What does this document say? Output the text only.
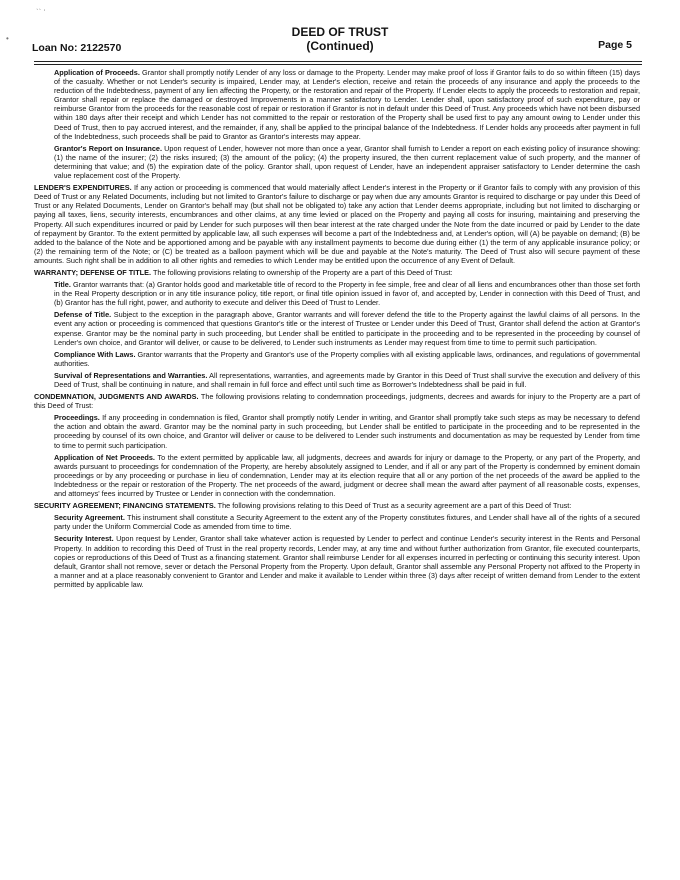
`` ‘
•
Loan No: 2122570
DEED OF TRUST
(Continued)	Page 5

Application of Proceeds. Grantor shall promptly notify Lender of any loss or damage to the Property. Lender may make proof of loss if Grantor fails to do so within fifteen (15) days of the casualty. Whether or not Lender's security is impaired, Lender may, at Lender's election, receive and retain the proceeds of any insurance and apply the proceeds to the reduction of the Indebtedness, payment of any lien affecting the Property, or the restoration and repair of the Property. If Lender elects to apply the proceeds to restoration and repair, Grantor shall repair or replace the damaged or destroyed Improvements in a manner satisfactory to Lender. Lender shall, upon satisfactory proof of such expenditure, pay or reimburse Grantor from the proceeds for the reasonable cost of repair or restoration if Grantor is not in default under this Deed of Trust. Any proceeds which have not been disbursed within 180 days after their receipt and which Lender has not committed to the repair or restoration of the Property shall be used first to pay any amount owing to Lender under this Deed of Trust, then to pay accrued interest, and the remainder, if any, shall be applied to the principal balance of the Indebtedness. If Lender holds any proceeds after payment in full of the Indebtedness, such proceeds shall be paid to Grantor as Grantor's interests may appear.

Grantor's Report on Insurance. Upon request of Lender, however not more than once a year, Grantor shall furnish to Lender a report on each existing policy of insurance showing: (1) the name of the insurer; (2) the risks insured; (3) the amount of the policy; (4) the property insured, the then current replacement value of such property, and the manner of determining that value; and (5) the expiration date of the policy. Grantor shall, upon request of Lender, have an independent appraiser satisfactory to Lender determine the cash value replacement cost of the Property.

LENDER'S EXPENDITURES. If any action or proceeding is commenced that would materially affect Lender's interest in the Property or if Grantor fails to comply with any provision of this Deed of Trust or any Related Documents, including but not limited to Grantor's failure to discharge or pay when due any amounts Grantor is required to discharge or pay under this Deed of Trust or any Related Documents, Lender on Grantor's behalf may (but shall not be obligated to) take any action that Lender deems appropriate, including but not limited to discharging or paying all taxes, liens, security interests, encumbrances and other claims, at any time levied or placed on the Property and paying all costs for insuring, maintaining and preserving the Property. All such expenditures incurred or paid by Lender for such purposes will then bear interest at the rate charged under the Note from the date incurred or paid by Lender to the date of repayment by Grantor. To the extent permitted by applicable law, all such expenses will become a part of the Indebtedness and, at Lender's option, will (A) be payable on demand; (B) be added to the balance of the Note and be apportioned among and be payable with any installment payments to become due during either (1) the term of any applicable insurance policy; or (2) the remaining term of the Note; or (C) be treated as a balloon payment which will be due and payable at the Note's maturity. The Deed of Trust also will secure payment of these amounts. Such right shall be in addition to all other rights and remedies to which Lender may be entitled upon the occurrence of any Event of Default.

WARRANTY; DEFENSE OF TITLE. The following provisions relating to ownership of the Property are a part of this Deed of Trust:

Title. Grantor warrants that: (a) Grantor holds good and marketable title of record to the Property in fee simple, free and clear of all liens and encumbrances other than those set forth in the Real Property description or in any title insurance policy, title report, or final title opinion issued in favor of, and accepted by, Lender in connection with this Deed of Trust, and (b) Grantor has the full right, power, and authority to execute and deliver this Deed of Trust to Lender.

Defense of Title. Subject to the exception in the paragraph above, Grantor warrants and will forever defend the title to the Property against the lawful claims of all persons. In the event any action or proceeding is commenced that questions Grantor's title or the interest of Trustee or Lender under this Deed of Trust, Grantor shall defend the action at Grantor's expense. Grantor may be the nominal party in such proceeding, but Lender shall be entitled to participate in the proceeding and to be represented in the proceeding by counsel of Lender's own choice, and Grantor will deliver, or cause to be delivered, to Lender such instruments as Lender may request from time to time to permit such participation.

Compliance With Laws. Grantor warrants that the Property and Grantor's use of the Property complies with all existing applicable laws, ordinances, and regulations of governmental authorities.

Survival of Representations and Warranties. All representations, warranties, and agreements made by Grantor in this Deed of Trust shall survive the execution and delivery of this Deed of Trust, shall be continuing in nature, and shall remain in full force and effect until such time as Borrower's Indebtedness shall be paid in full.

CONDEMNATION, JUDGMENTS AND AWARDS. The following provisions relating to condemnation proceedings, judgments, decrees and awards for injury to the Property are a part of this Deed of Trust:

Proceedings. If any proceeding in condemnation is filed, Grantor shall promptly notify Lender in writing, and Grantor shall promptly take such steps as may be necessary to defend the action and obtain the award. Grantor may be the nominal party in such proceeding, but Lender shall be entitled to participate in the proceeding and to be represented in the proceeding by counsel of its own choice, and Grantor will deliver or cause to be delivered to Lender such instruments and documentation as may be requested by Lender from time to time to permit such participation.

Application of Net Proceeds. To the extent permitted by applicable law, all judgments, decrees and awards for injury or damage to the Property, or any part of the Property, and awards pursuant to proceedings for condemnation of the Property, are hereby absolutely assigned to Lender, and if all or any part of the Property is condemned by eminent domain proceedings or by any proceeding or purchase in lieu of condemnation, Lender may at its election require that all or any portion of the net proceeds of the award be applied to the Indebtedness or the repair or restoration of the Property. The net proceeds of the award, judgment or decree shall mean the award after payment of all reasonable costs, expenses, and attorneys' fees incurred by Trustee or Lender in connection with the condemnation.

SECURITY AGREEMENT; FINANCING STATEMENTS. The following provisions relating to this Deed of Trust as a security agreement are a part of this Deed of Trust:

Security Agreement. This instrument shall constitute a Security Agreement to the extent any of the Property constitutes fixtures, and Lender shall have all of the rights of a secured party under the Uniform Commercial Code as amended from time to time.

Security Interest. Upon request by Lender, Grantor shall take whatever action is requested by Lender to perfect and continue Lender's security interest in the Rents and Personal Property. In addition to recording this Deed of Trust in the real property records, Lender may, at any time and without further authorization from Grantor, file executed counterparts, copies or reproductions of this Deed of Trust as a financing statement. Grantor shall reimburse Lender for all expenses incurred in perfecting or continuing this security interest. Upon default, Grantor shall not remove, sever or detach the Personal Property from the Property. Upon default, Grantor shall assemble any Personal Property not affixed to the Property in a manner and at a place reasonably convenient to Grantor and Lender and make it available to Lender within three (3) days after receipt of written demand from Lender to the extent permitted by applicable law.
